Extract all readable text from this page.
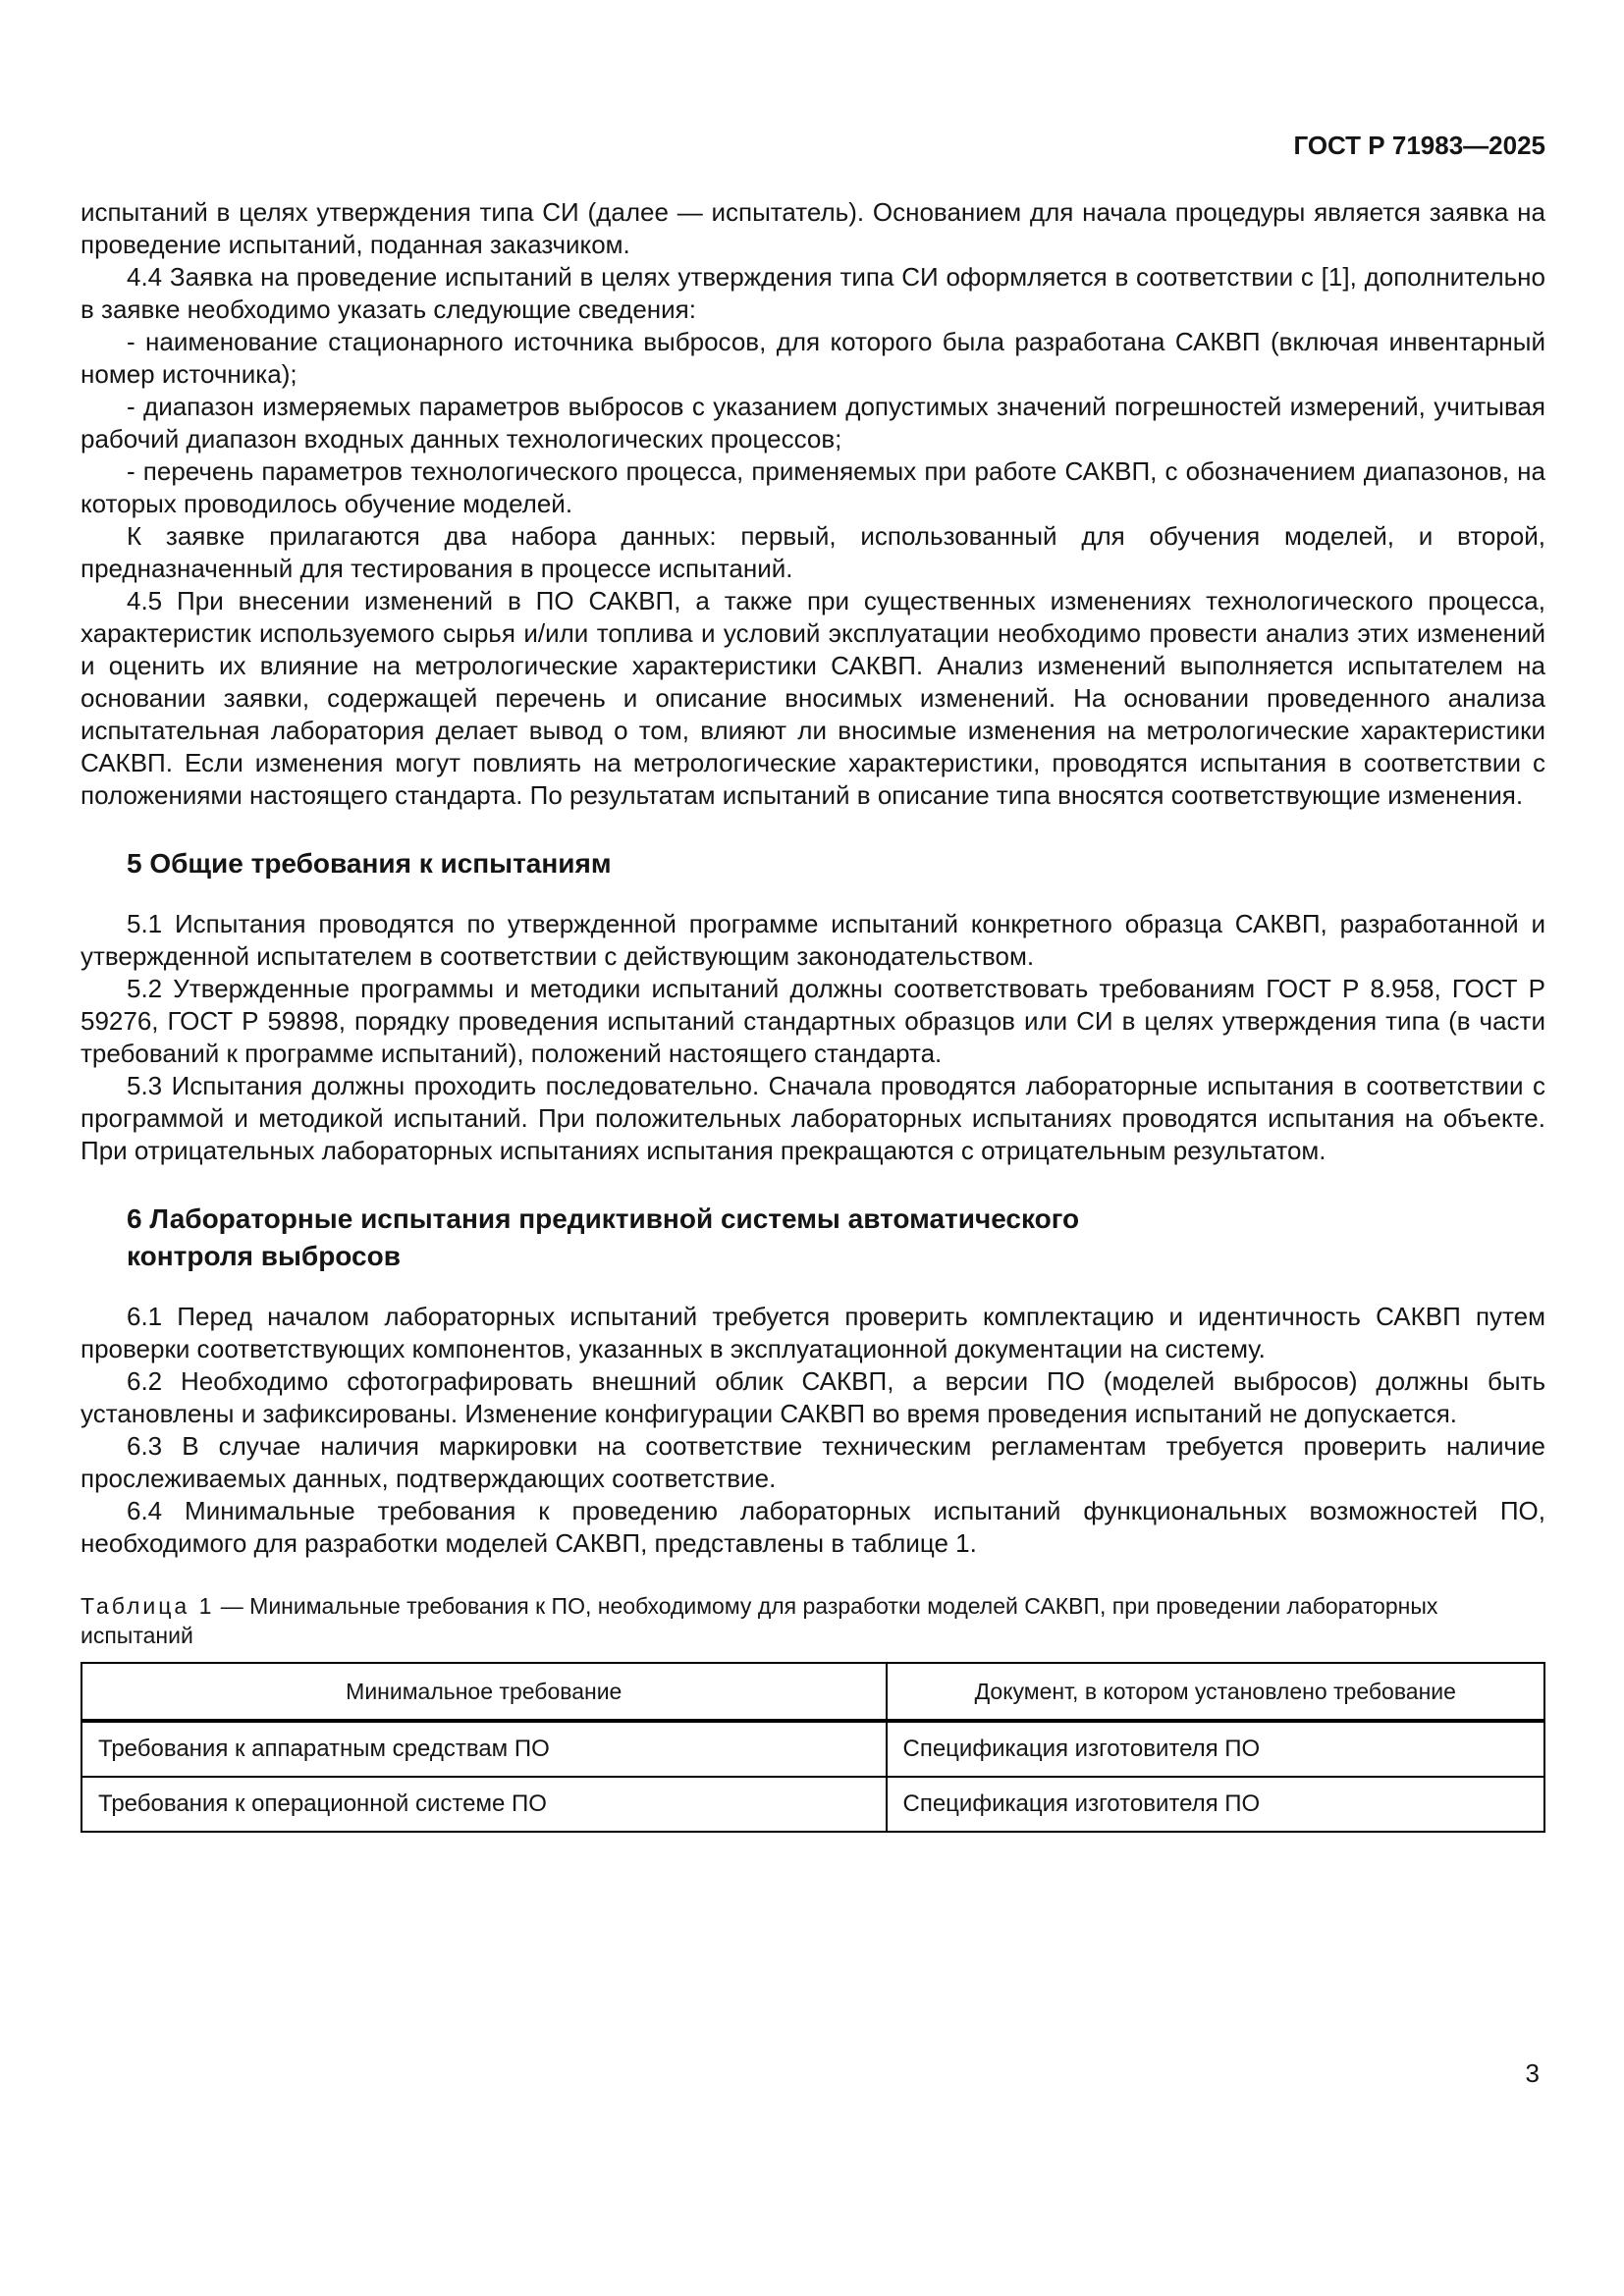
ГОСТ Р 71983—2025

испытаний в целях утверждения типа СИ (далее — испытатель). Основанием для начала процедуры является заявка на проведение испытаний, поданная заказчиком.

4.4 Заявка на проведение испытаний в целях утверждения типа СИ оформляется в соответствии с [1], дополнительно в заявке необходимо указать следующие сведения:

- наименование стационарного источника выбросов, для которого была разработана САКВП (включая инвентарный номер источника);

- диапазон измеряемых параметров выбросов с указанием допустимых значений погрешностей измерений, учитывая рабочий диапазон входных данных технологических процессов;

- перечень параметров технологического процесса, применяемых при работе САКВП, с обозначением диапазонов, на которых проводилось обучение моделей.

К заявке прилагаются два набора данных: первый, использованный для обучения моделей, и второй, предназначенный для тестирования в процессе испытаний.

4.5 При внесении изменений в ПО САКВП, а также при существенных изменениях технологического процесса, характеристик используемого сырья и/или топлива и условий эксплуатации необходимо провести анализ этих изменений и оценить их влияние на метрологические характеристики САКВП. Анализ изменений выполняется испытателем на основании заявки, содержащей перечень и описание вносимых изменений. На основании проведенного анализа испытательная лаборатория делает вывод о том, влияют ли вносимые изменения на метрологические характеристики САКВП. Если изменения могут повлиять на метрологические характеристики, проводятся испытания в соответствии с положениями настоящего стандарта. По результатам испытаний в описание типа вносятся соответствующие изменения.

5 Общие требования к испытаниям

5.1 Испытания проводятся по утвержденной программе испытаний конкретного образца САКВП, разработанной и утвержденной испытателем в соответствии с действующим законодательством.

5.2 Утвержденные программы и методики испытаний должны соответствовать требованиям ГОСТ Р 8.958, ГОСТ Р 59276, ГОСТ Р 59898, порядку проведения испытаний стандартных образцов или СИ в целях утверждения типа (в части требований к программе испытаний), положений настоящего стандарта.

5.3 Испытания должны проходить последовательно. Сначала проводятся лабораторные испытания в соответствии с программой и методикой испытаний. При положительных лабораторных испытаниях проводятся испытания на объекте. При отрицательных лабораторных испытаниях испытания прекращаются с отрицательным результатом.

6 Лабораторные испытания предиктивной системы автоматического контроля выбросов

6.1 Перед началом лабораторных испытаний требуется проверить комплектацию и идентичность САКВП путем проверки соответствующих компонентов, указанных в эксплуатационной документации на систему.

6.2 Необходимо сфотографировать внешний облик САКВП, а версии ПО (моделей выбросов) должны быть установлены и зафиксированы. Изменение конфигурации САКВП во время проведения испытаний не допускается.

6.3 В случае наличия маркировки на соответствие техническим регламентам требуется проверить наличие прослеживаемых данных, подтверждающих соответствие.

6.4 Минимальные требования к проведению лабораторных испытаний функциональных возможностей ПО, необходимого для разработки моделей САКВП, представлены в таблице 1.

Таблица 1 — Минимальные требования к ПО, необходимому для разработки моделей САКВП, при проведении лабораторных испытаний
Минимальное требование	Документ, в котором установлено требование
Требования к аппаратным средствам ПО	Спецификация изготовителя ПО
Требования к операционной системе ПО	Спецификация изготовителя ПО
3
